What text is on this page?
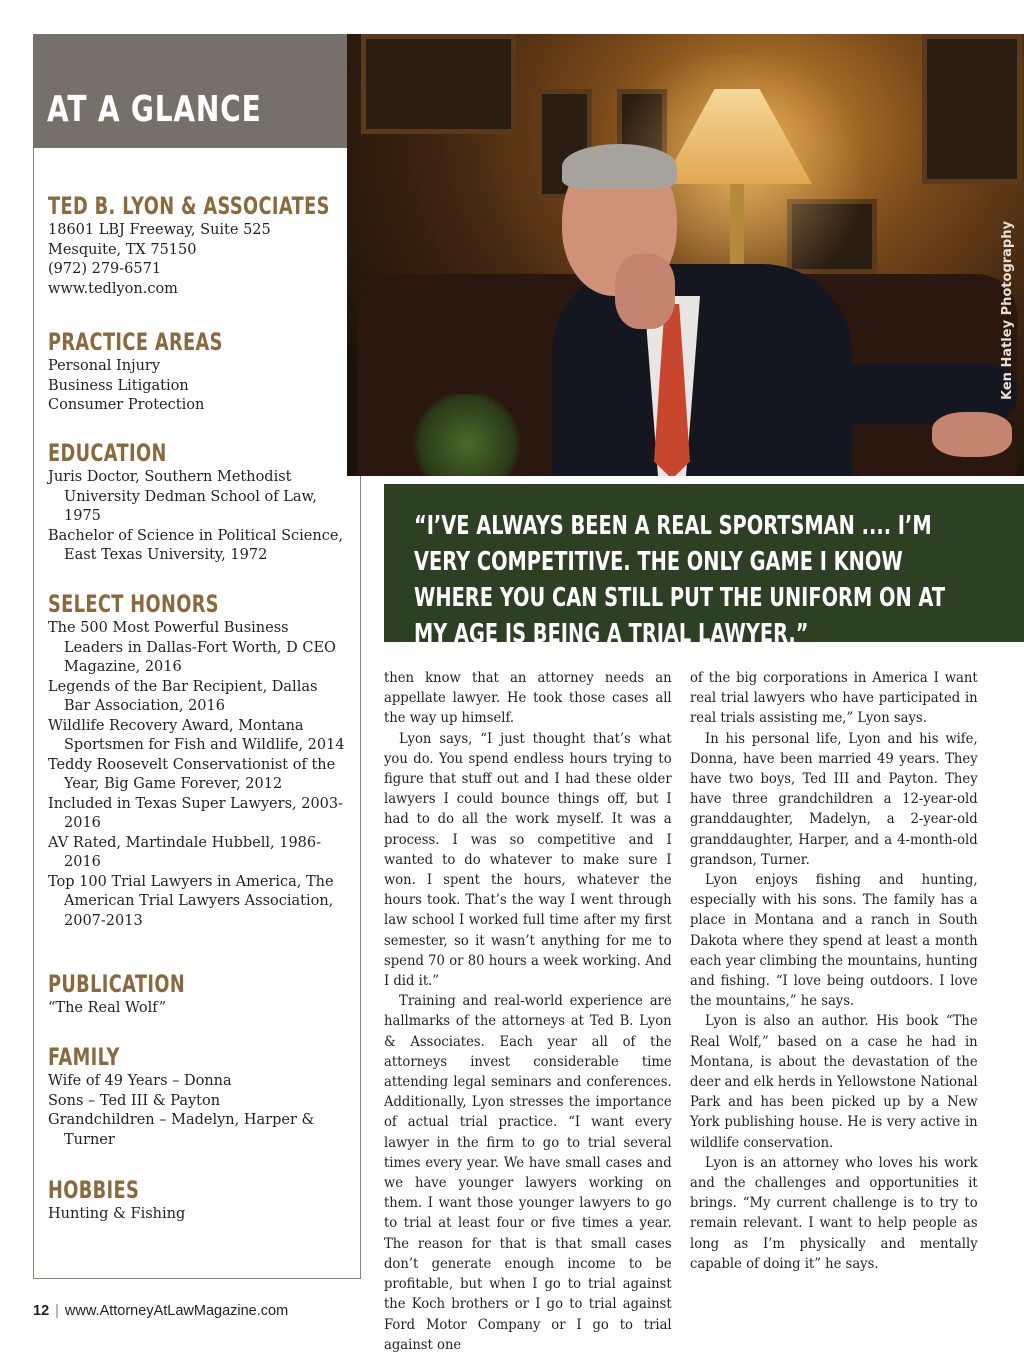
AT A GLANCE
TED B. LYON & ASSOCIATES

18601 LBJ Freeway, Suite 525

Mesquite, TX 75150

(972) 279-6571

www.tedlyon.com

PRACTICE AREAS

Personal Injury

Business Litigation

Consumer Protection

EDUCATION

Juris Doctor, Southern Methodist University Dedman School of Law, 1975

Bachelor of Science in Political Science, East Texas University, 1972

SELECT HONORS

The 500 Most Powerful Business Leaders in Dallas-Fort Worth, D CEO Magazine, 2016

Legends of the Bar Recipient, Dallas Bar Association, 2016

Wildlife Recovery Award, Montana Sportsmen for Fish and Wildlife, 2014

Teddy Roosevelt Conservationist of the Year, Big Game Forever, 2012

Included in Texas Super Lawyers, 2003-2016

AV Rated, Martindale Hubbell, 1986-2016

Top 100 Trial Lawyers in America, The American Trial Lawyers Association, 2007-2013

PUBLICATION

“The Real Wolf”

FAMILY

Wife of 49 Years – Donna

Sons – Ted III & Payton

Grandchildren – Madelyn, Harper & Turner

HOBBIES

Hunting & Fishing

Ken Hatley Photography

“I’VE ALWAYS BEEN A REAL SPORTSMAN .... I’M VERY COMPETITIVE. THE ONLY GAME I KNOW WHERE YOU CAN STILL PUT THE UNIFORM ON AT MY AGE IS BEING A TRIAL LAWYER.”

then know that an attorney needs an appellate lawyer. He took those cases all the way up himself.

Lyon says, “I just thought that’s what you do. You spend endless hours trying to figure that stuff out and I had these older lawyers I could bounce things off, but I had to do all the work myself. It was a process. I was so competitive and I wanted to do whatever to make sure I won. I spent the hours, whatever the hours took. That’s the way I went through law school I worked full time after my first semester, so it wasn’t anything for me to spend 70 or 80 hours a week working. And I did it.”

Training and real-world experience are hallmarks of the attorneys at Ted B. Lyon & Associates. Each year all of the attorneys invest considerable time attending legal seminars and conferences. Additionally, Lyon stresses the importance of actual trial practice. “I want every lawyer in the firm to go to trial several times every year. We have small cases and we have younger lawyers working on them. I want those younger lawyers to go to trial at least four or five times a year. The reason for that is that small cases don’t generate enough income to be profitable, but when I go to trial against the Koch brothers or I go to trial against Ford Motor Company or I go to trial against one

of the big corporations in America I want real trial lawyers who have participated in real trials assisting me,” Lyon says.

In his personal life, Lyon and his wife, Donna, have been married 49 years. They have two boys, Ted III and Payton. They have three grandchildren a 12-year-old granddaughter, Madelyn, a 2-year-old granddaughter, Harper, and a 4-month-old grandson, Turner.

Lyon enjoys fishing and hunting, especially with his sons. The family has a place in Montana and a ranch in South Dakota where they spend at least a month each year climbing the mountains, hunting and fishing. “I love being outdoors. I love the mountains,” he says.

Lyon is also an author. His book “The Real Wolf,” based on a case he had in Montana, is about the devastation of the deer and elk herds in Yellowstone National Park and has been picked up by a New York publishing house. He is very active in wildlife conservation.

Lyon is an attorney who loves his work and the challenges and opportunities it brings. “My current challenge is to try to remain relevant. I want to help people as long as I’m physically and mentally capable of doing it” he says.

12 | www.AttorneyAtLawMagazine.com
